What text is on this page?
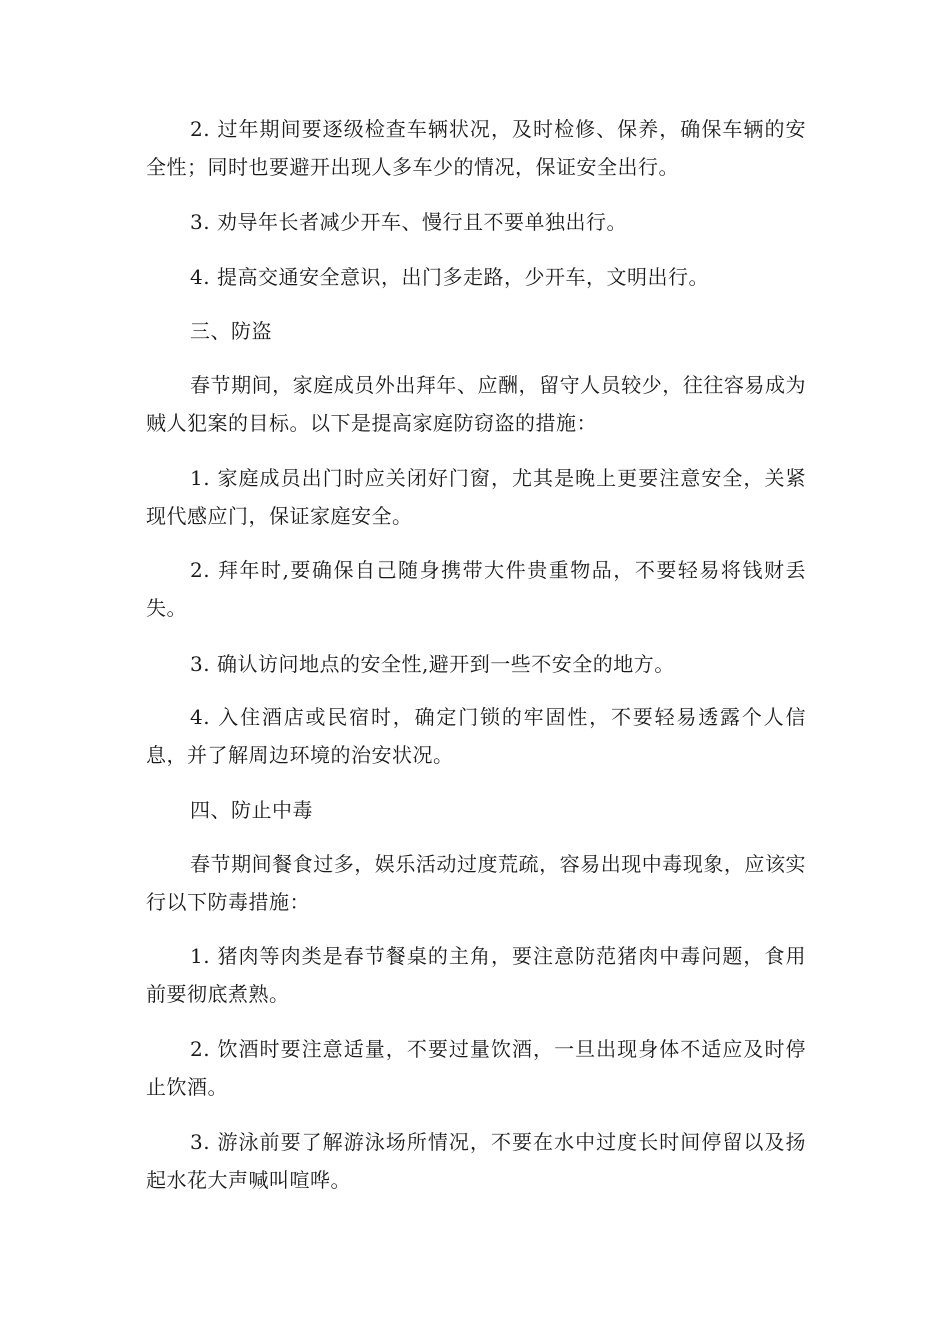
2. 过年期间要逐级检查车辆状况，及时检修、保养，确保车辆的安全性；同时也要避开出现人多车少的情况，保证安全出行。

3. 劝导年长者减少开车、慢行且不要单独出行。

4. 提高交通安全意识，出门多走路，少开车，文明出行。

三、防盗

春节期间，家庭成员外出拜年、应酬，留守人员较少，往往容易成为贼人犯案的目标。以下是提高家庭防窃盗的措施：

1. 家庭成员出门时应关闭好门窗，尤其是晚上更要注意安全，关紧现代感应门，保证家庭安全。

2. 拜年时,要确保自己随身携带大件贵重物品，不要轻易将钱财丢失。

3. 确认访问地点的安全性,避开到一些不安全的地方。

4. 入住酒店或民宿时，确定门锁的牢固性，不要轻易透露个人信息，并了解周边环境的治安状况。

四、防止中毒

春节期间餐食过多，娱乐活动过度荒疏，容易出现中毒现象，应该实行以下防毒措施：

1. 猪肉等肉类是春节餐桌的主角，要注意防范猪肉中毒问题，食用前要彻底煮熟。

2. 饮酒时要注意适量，不要过量饮酒，一旦出现身体不适应及时停止饮酒。

3. 游泳前要了解游泳场所情况，不要在水中过度长时间停留以及扬起水花大声喊叫喧哗。
